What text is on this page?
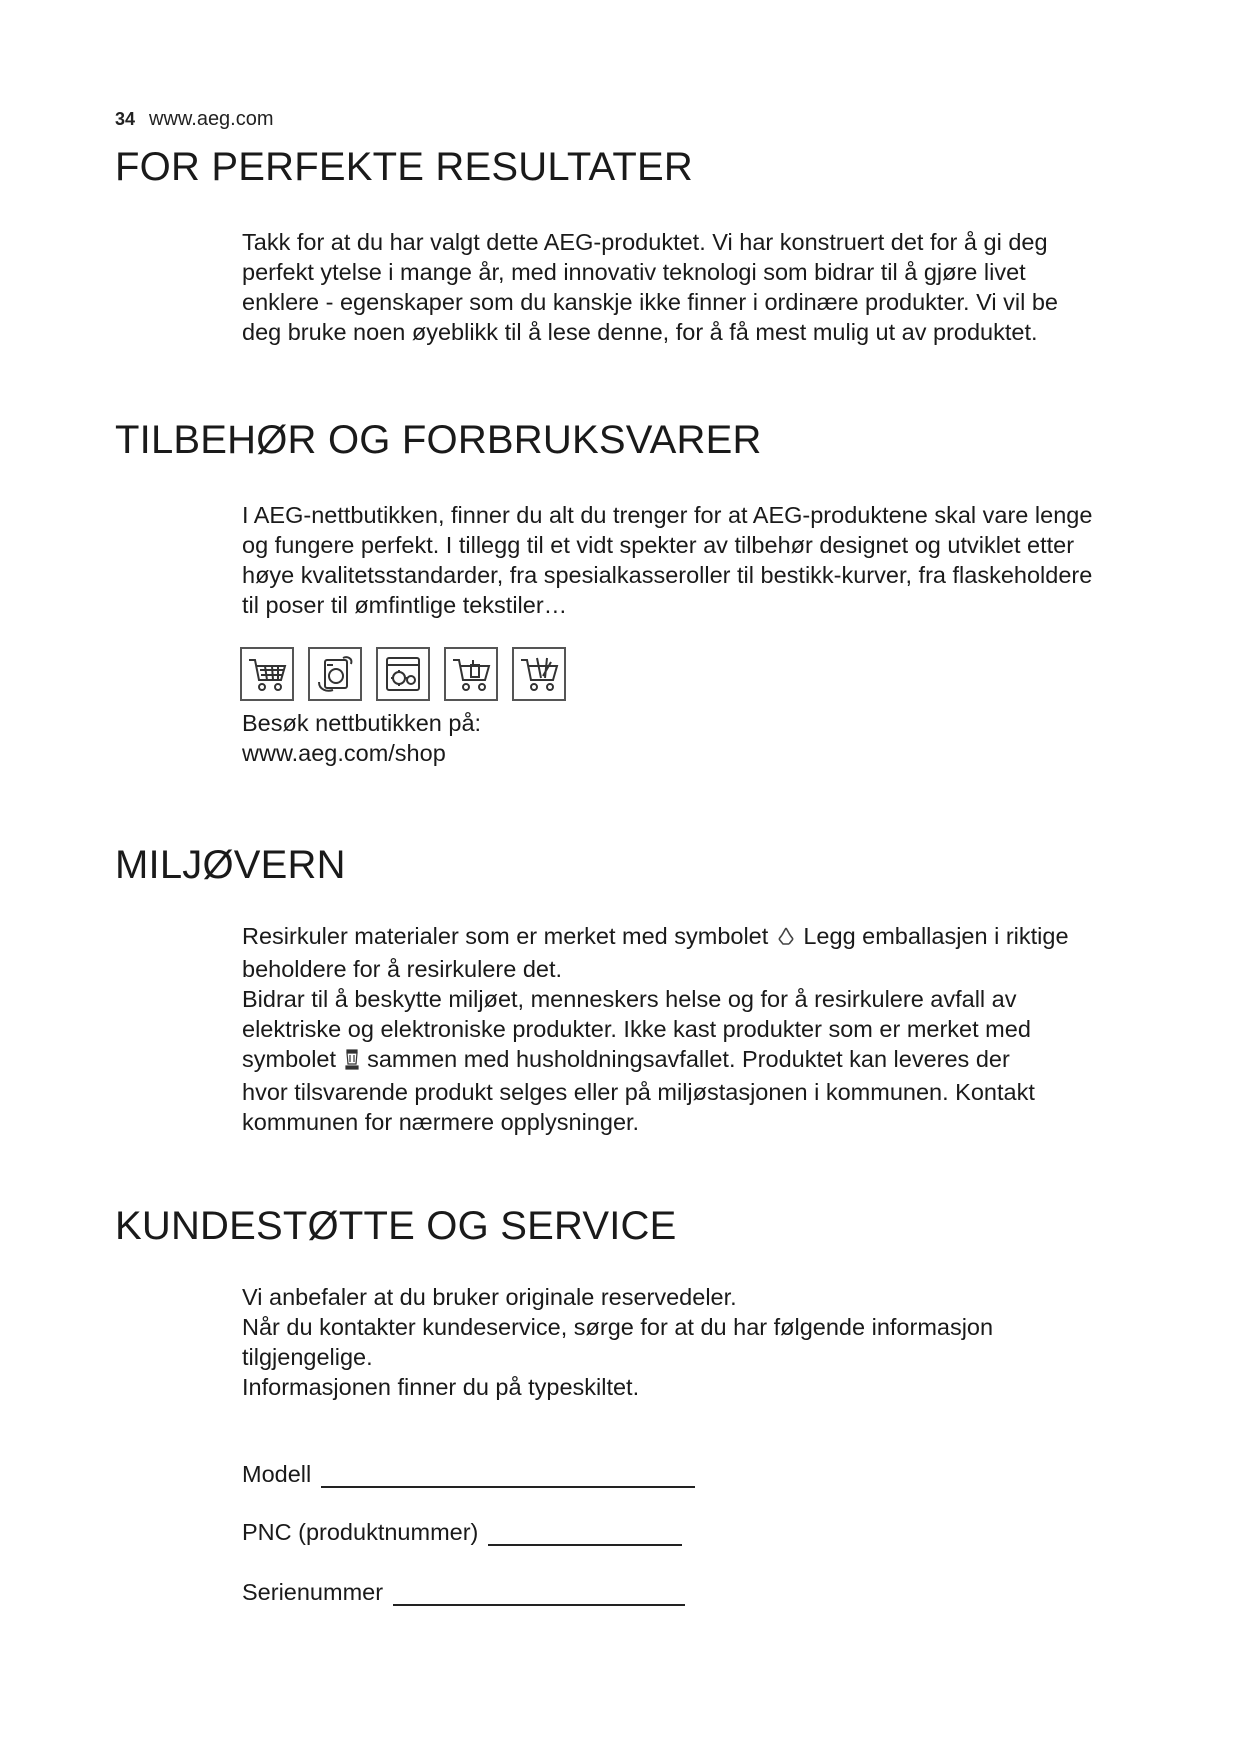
34 www.aeg.com
FOR PERFEKTE RESULTATER

Takk for at du har valgt dette AEG-produktet. Vi har konstruert det for å gi deg

perfekt ytelse i mange år, med innovativ teknologi som bidrar til å gjøre livet

enklere - egenskaper som du kanskje ikke finner i ordinære produkter. Vi vil be

deg bruke noen øyeblikk til å lese denne, for å få mest mulig ut av produktet.

TILBEHØR OG FORBRUKSVARER

I AEG-nettbutikken, finner du alt du trenger for at AEG-produktene skal vare lenge

og fungere perfekt. I tillegg til et vidt spekter av tilbehør designet og utviklet etter

høye kvalitetsstandarder, fra spesialkasseroller til bestikk-kurver, fra flaskeholdere

til poser til ømfintlige tekstiler…

Besøk nettbutikken på:

www.aeg.com/shop

MILJØVERN

Resirkuler materialer som er merket med symbolet Legg emballasjen i riktige

beholdere for å resirkulere det.

Bidrar til å beskytte miljøet, menneskers helse og for å resirkulere avfall av

elektriske og elektroniske produkter. Ikke kast produkter som er merket med

symbolet sammen med husholdningsavfallet. Produktet kan leveres der

hvor tilsvarende produkt selges eller på miljøstasjonen i kommunen. Kontakt

kommunen for nærmere opplysninger.

KUNDESTØTTE OG SERVICE

Vi anbefaler at du bruker originale reservedeler.

Når du kontakter kundeservice, sørge for at du har følgende informasjon

tilgjengelige.

Informasjonen finner du på typeskiltet.

Modell
PNC (produktnummer)
Serienummer
